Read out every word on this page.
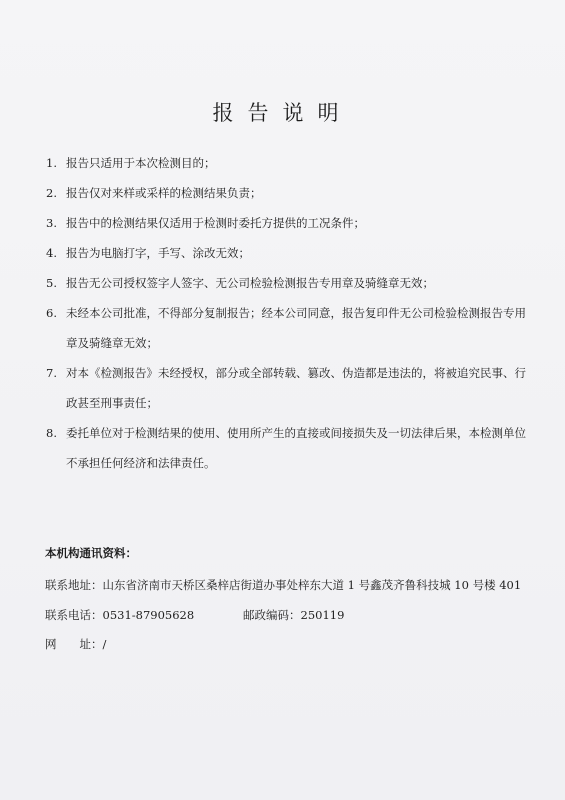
报告说明
1. 报告只适用于本次检测目的；
2. 报告仅对来样或采样的检测结果负责；
3. 报告中的检测结果仅适用于检测时委托方提供的工况条件；
4. 报告为电脑打字，手写、涂改无效；
5. 报告无公司授权签字人签字、无公司检验检测报告专用章及骑缝章无效；
6. 未经本公司批准，不得部分复制报告；经本公司同意，报告复印件无公司检验检测报告专用章及骑缝章无效；
7. 对本《检测报告》未经授权，部分或全部转载、篡改、伪造都是违法的，将被追究民事、行政甚至刑事责任；
8. 委托单位对于检测结果的使用、使用所产生的直接或间接损失及一切法律后果，本检测单位不承担任何经济和法律责任。
本机构通讯资料：
联系地址：山东省济南市天桥区桑梓店街道办事处梓东大道 1 号鑫茂齐鲁科技城 10 号楼 401
联系电话：0531-87905628	邮政编码：250119
网　　址：/
